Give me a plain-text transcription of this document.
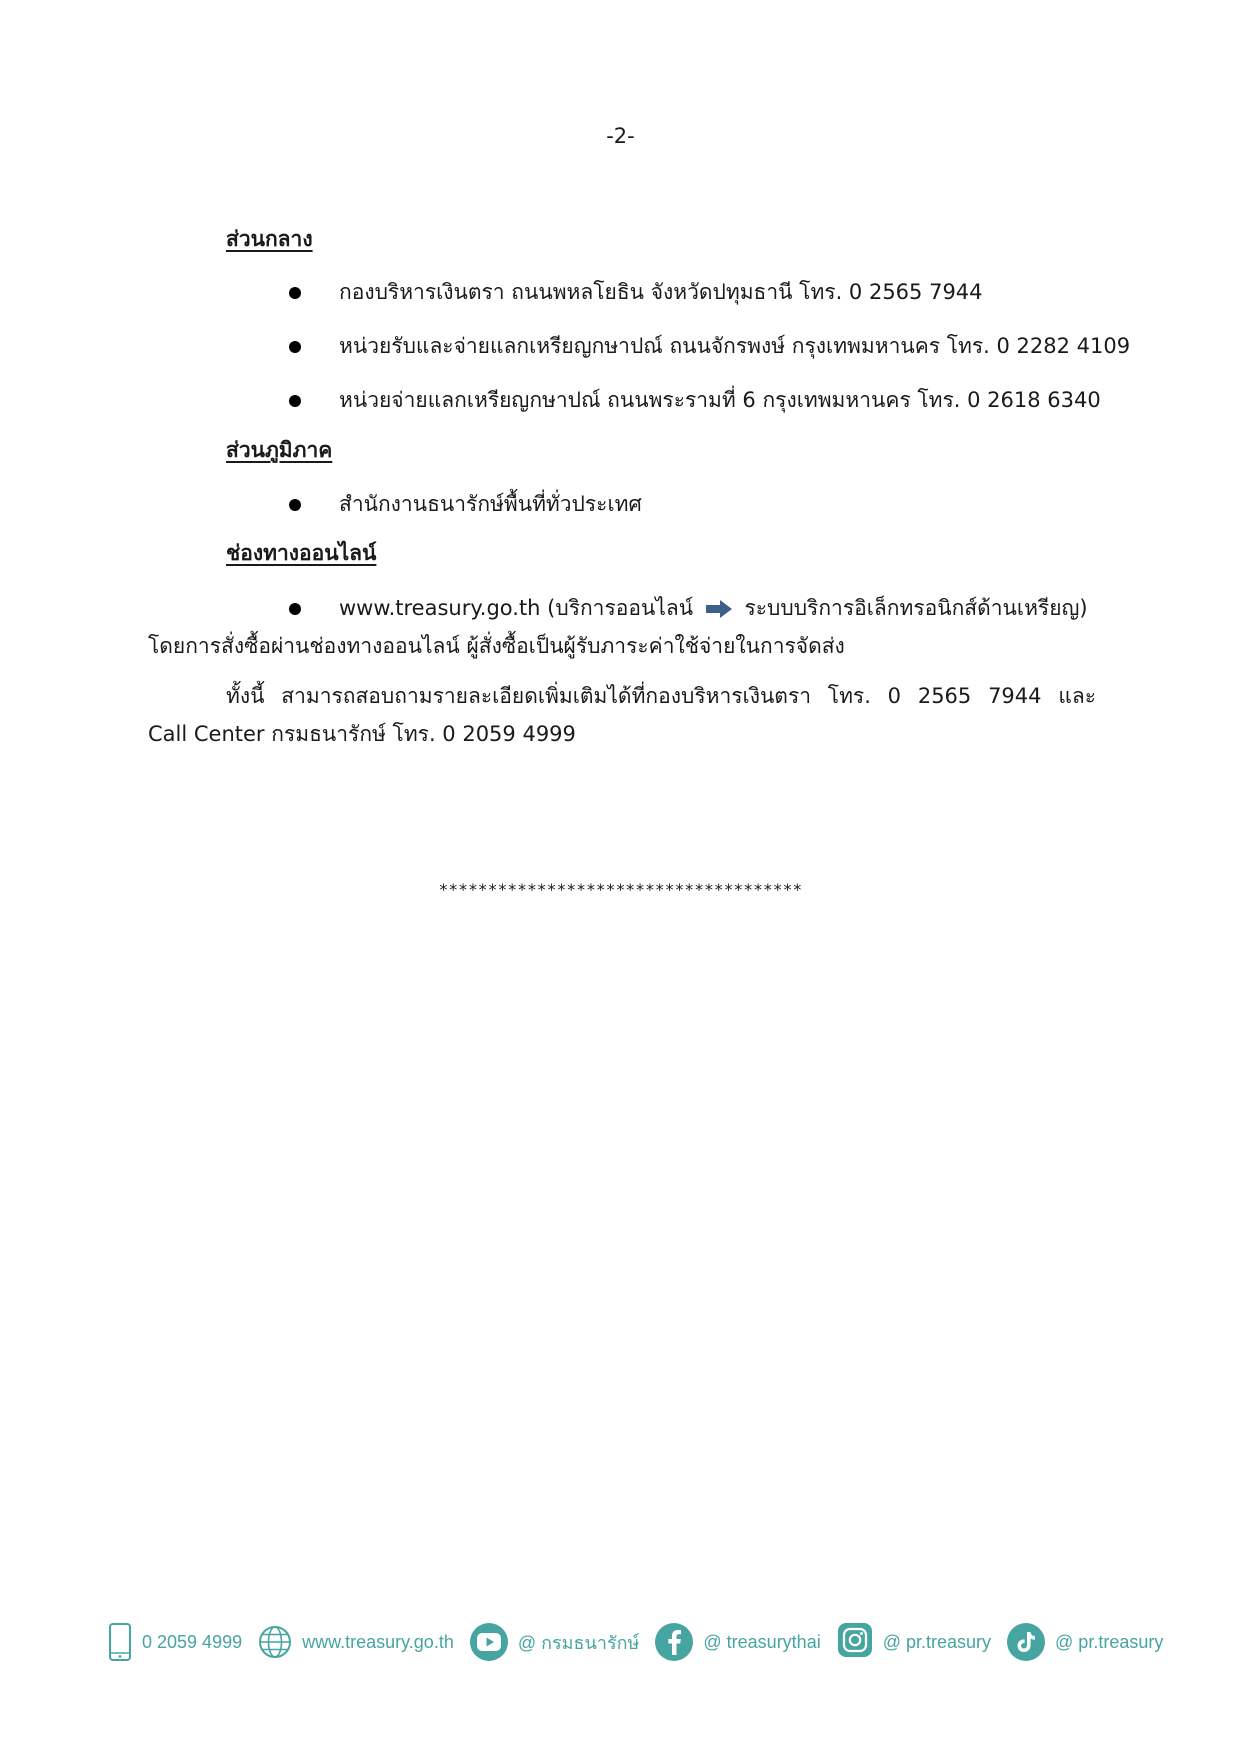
-2-
ส่วนกลาง
กองบริหารเงินตรา ถนนพหลโยธิน จังหวัดปทุมธานี โทร. 0 2565 7944
หน่วยรับและจ่ายแลกเหรียญกษาปณ์ ถนนจักรพงษ์ กรุงเทพมหานคร โทร. 0 2282 4109
หน่วยจ่ายแลกเหรียญกษาปณ์ ถนนพระรามที่ 6 กรุงเทพมหานคร โทร. 0 2618 6340
ส่วนภูมิภาค
สำนักงานธนารักษ์พื้นที่ทั่วประเทศ
ช่องทางออนไลน์
www.treasury.go.th (บริการออนไลน์ ระบบบริการอิเล็กทรอนิกส์ด้านเหรียญ)
โดยการสั่งซื้อผ่านช่องทางออนไลน์ ผู้สั่งซื้อเป็นผู้รับภาระค่าใช้จ่ายในการจัดส่ง
ทั้งนี้ สามารถสอบถามรายละเอียดเพิ่มเติมได้ที่กองบริหารเงินตรา โทร. 0 2565 7944 และ
Call Center กรมธนารักษ์ โทร. 0 2059 4999
*************************************
0 2059 4999	www.treasury.go.th	@ กรมธนารักษ์	@ treasurythai	@ pr.treasury	@ pr.treasury
